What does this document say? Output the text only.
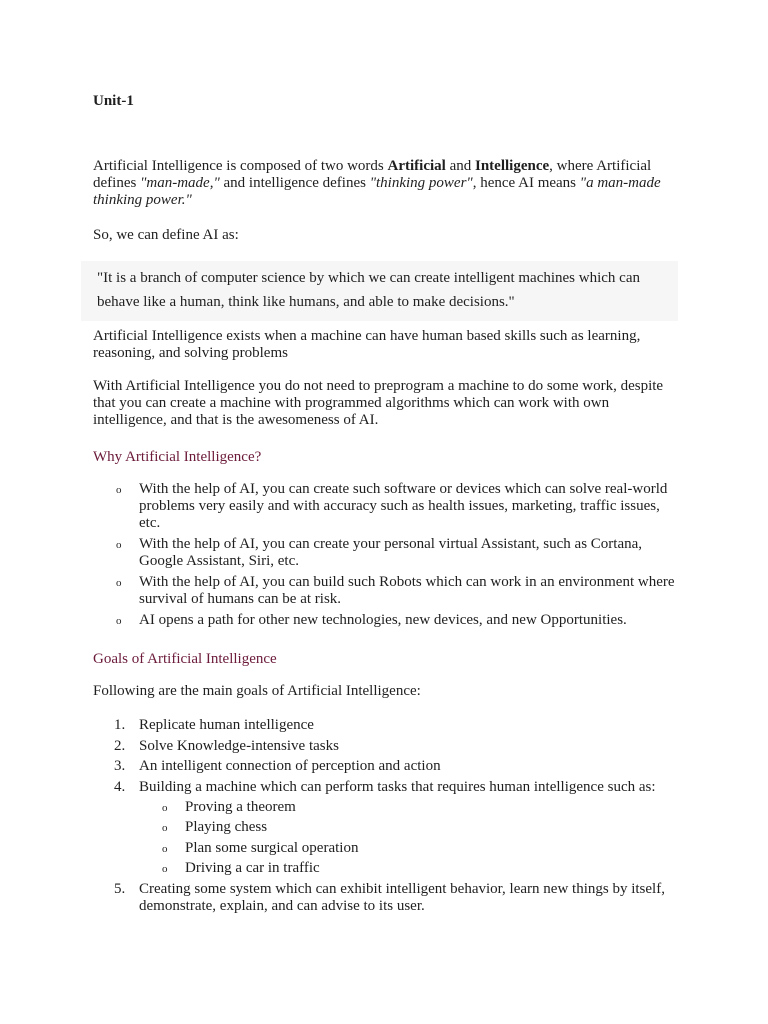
Unit-1

Artificial Intelligence is composed of two words Artificial and Intelligence, where Artificial defines "man-made," and intelligence defines "thinking power", hence AI means "a man-made thinking power."

So, we can define AI as:

"It is a branch of computer science by which we can create intelligent machines which can behave like a human, think like humans, and able to make decisions."

Artificial Intelligence exists when a machine can have human based skills such as learning, reasoning, and solving problems

With Artificial Intelligence you do not need to preprogram a machine to do some work, despite that you can create a machine with programmed algorithms which can work with own intelligence, and that is the awesomeness of AI.

Why Artificial Intelligence?
o With the help of AI, you can create such software or devices which can solve real-world problems very easily and with accuracy such as health issues, marketing, traffic issues, etc.
o With the help of AI, you can create your personal virtual Assistant, such as Cortana, Google Assistant, Siri, etc.
o With the help of AI, you can build such Robots which can work in an environment where survival of humans can be at risk.
o AI opens a path for other new technologies, new devices, and new Opportunities.
Goals of Artificial Intelligence

Following are the main goals of Artificial Intelligence:

1. Replicate human intelligence
2. Solve Knowledge-intensive tasks
3. An intelligent connection of perception and action
4. Building a machine which can perform tasks that requires human intelligence such as:
o Proving a theorem
o Playing chess
o Plan some surgical operation
o Driving a car in traffic
5. Creating some system which can exhibit intelligent behavior, learn new things by itself, demonstrate, explain, and can advise to its user.
